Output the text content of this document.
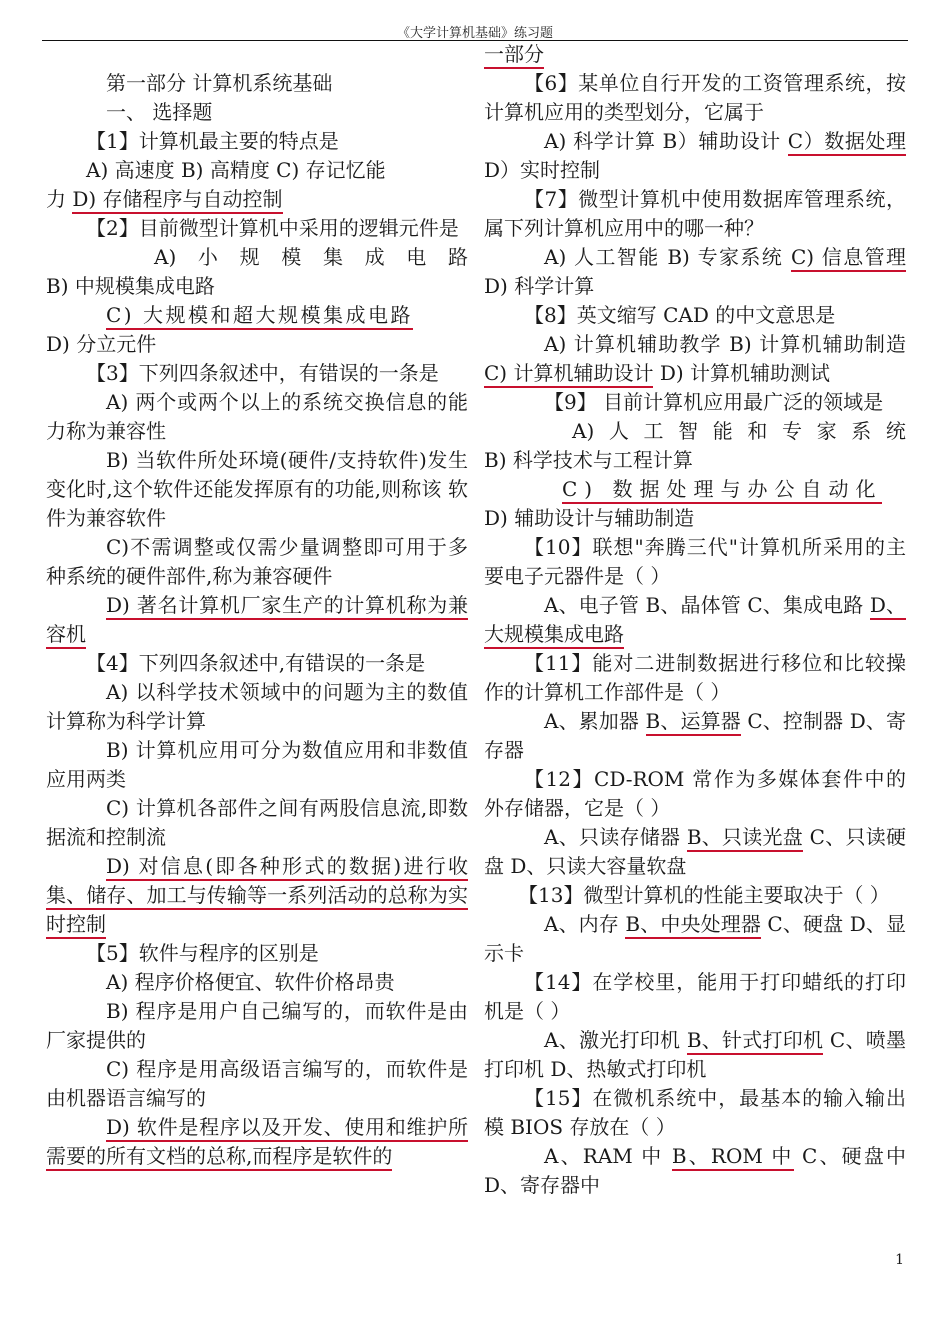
《大学计算机基础》练习题

第一部分 计算机系统基础

一、 选择题

【1】计算机最主要的特点是

A) 高速度 B) 高精度 C) 存记忆能

力 D) 存储程序与自动控制

【2】目前微型计算机中采用的逻辑元件是

A) 小 规 模 集 成 电 路

B) 中规模集成电路

C) 大规模和超大规模集成电路

D) 分立元件

【3】下列四条叙述中，有错误的一条是

A) 两个或两个以上的系统交换信息的能力称为兼容性

B) 当软件所处环境(硬件/支持软件)发生变化时,这个软件还能发挥原有的功能,则称该 软件为兼容软件

C)不需调整或仅需少量调整即可用于多种系统的硬件部件,称为兼容硬件

D) 著名计算机厂家生产的计算机称为兼容机

【4】下列四条叙述中,有错误的一条是

A) 以科学技术领域中的问题为主的数值计算称为科学计算

B) 计算机应用可分为数值应用和非数值应用两类

C) 计算机各部件之间有两股信息流,即数据流和控制流

D) 对信息(即各种形式的数据)进行收集、储存、加工与传输等一系列活动的总称为实时控制

【5】软件与程序的区别是

A) 程序价格便宜、软件价格昂贵

B) 程序是用户自己编写的，而软件是由厂家提供的

C) 程序是用高级语言编写的，而软件是由机器语言编写的

D) 软件是程序以及开发、使用和维护所需要的所有文档的总称,而程序是软件的

一部分

【6】某单位自行开发的工资管理系统，按计算机应用的类型划分，它属于

A) 科学计算 B）辅助设计 C）数据处理 D）实时控制

【7】微型计算机中使用数据库管理系统，属下列计算机应用中的哪一种？

A) 人工智能 B) 专家系统 C) 信息管理 D) 科学计算

【8】英文缩写 CAD 的中文意思是

A) 计算机辅助教学 B) 计算机辅助制造 C) 计算机辅助设计 D) 计算机辅助测试

【9】 目前计算机应用最广泛的领域是

A) 人 工 智 能 和 专 家 系 统

B) 科学技术与工程计算

C) 数据处理与办公自动化

D) 辅助设计与辅助制造

【10】联想"奔腾三代"计算机所采用的主要电子元器件是（ ）

A、电子管 B、晶体管 C、集成电路 D、大规模集成电路

【11】能对二进制数据进行移位和比较操作的计算机工作部件是（ ）

A、累加器 B、运算器 C、控制器 D、寄存器

【12】CD-ROM 常作为多媒体套件中的外存储器，它是（ ）

A、只读存储器 B、只读光盘 C、只读硬盘 D、只读大容量软盘

【13】微型计算机的性能主要取决于（ ）

A、内存 B、中央处理器 C、硬盘 D、显示卡

【14】在学校里，能用于打印蜡纸的打印机是（ ）

A、激光打印机 B、针式打印机 C、喷墨打印机 D、热敏式打印机

【15】在微机系统中，最基本的输入输出模 BIOS 存放在（ ）

A、RAM 中 B、ROM 中 C、硬盘中 D、寄存器中

1
